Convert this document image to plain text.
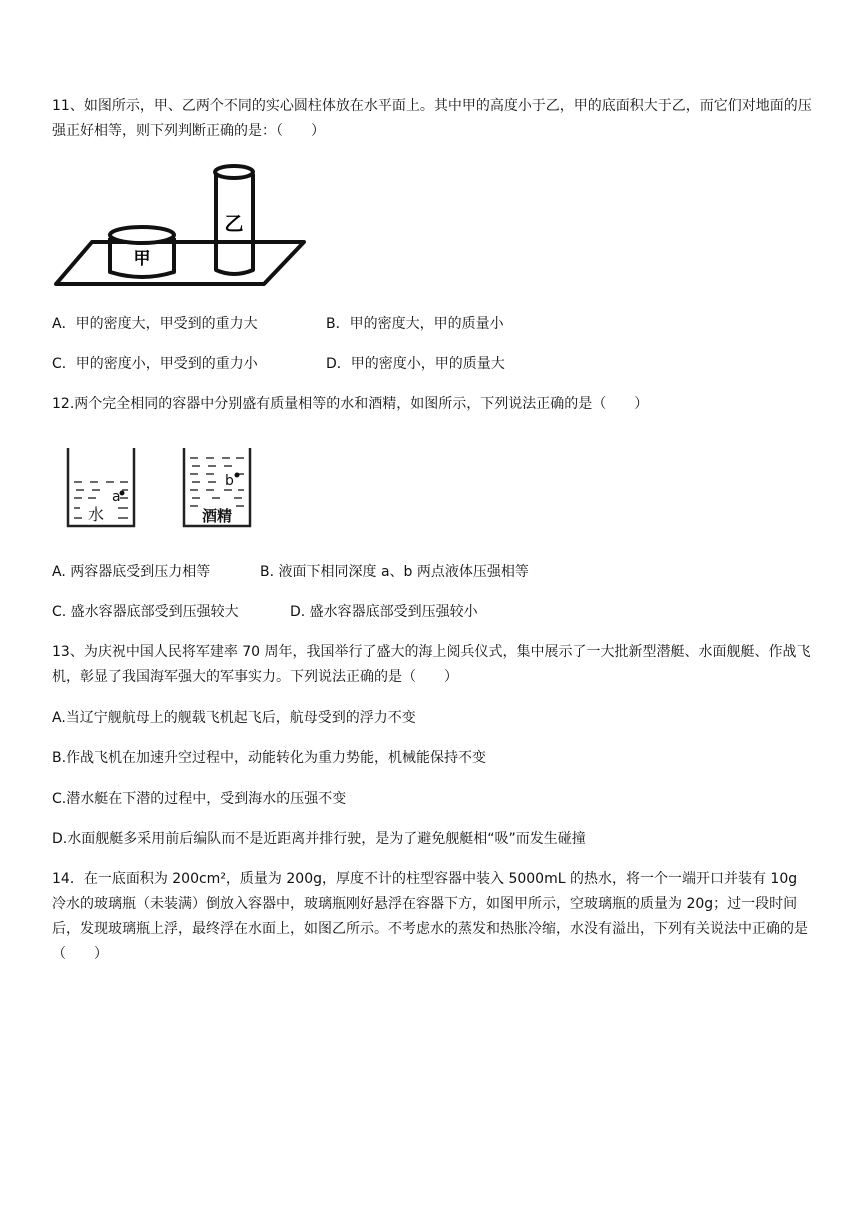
11、如图所示，甲、乙两个不同的实心圆柱体放在水平面上。其中甲的高度小于乙，甲的底面积大于乙，而它们对地面的压强正好相等，则下列判断正确的是：（　　）

甲
乙
A．甲的密度大，甲受到的重力大	B．甲的密度大，甲的质量小
C．甲的密度小，甲受到的重力小	D．甲的密度小，甲的质量大
12.两个完全相同的容器中分别盛有质量相等的水和酒精，如图所示，下列说法正确的是（　　）
a
b
水	酒精
A. 两容器底受到压力相等	B. 液面下相同深度 a、b 两点液体压强相等
C. 盛水容器底部受到压强较大	D. 盛水容器底部受到压强较小

13、为庆祝中国人民将军建率 70 周年，我国举行了盛大的海上阅兵仪式，集中展示了一大批新型潜艇、水面舰艇、作战飞机，彰显了我国海军强大的军事实力。下列说法正确的是（　　）

A.当辽宁舰航母上的舰载飞机起飞后，航母受到的浮力不变
B.作战飞机在加速升空过程中，动能转化为重力势能，机械能保持不变
C.潜水艇在下潜的过程中，受到海水的压强不变
D.水面舰艇多采用前后编队而不是近距离并排行驶，是为了避免舰艇相“吸”而发生碰撞

14．在一底面积为 200cm²，质量为 200g，厚度不计的柱型容器中装入 5000mL 的热水，将一个一端开口并装有 10g 冷水的玻璃瓶（未装满）倒放入容器中，玻璃瓶刚好悬浮在容器下方，如图甲所示，空玻璃瓶的质量为 20g；过一段时间后，发现玻璃瓶上浮，最终浮在水面上，如图乙所示。不考虑水的蒸发和热胀冷缩，水没有溢出，下列有关说法中正确的是（　　）
